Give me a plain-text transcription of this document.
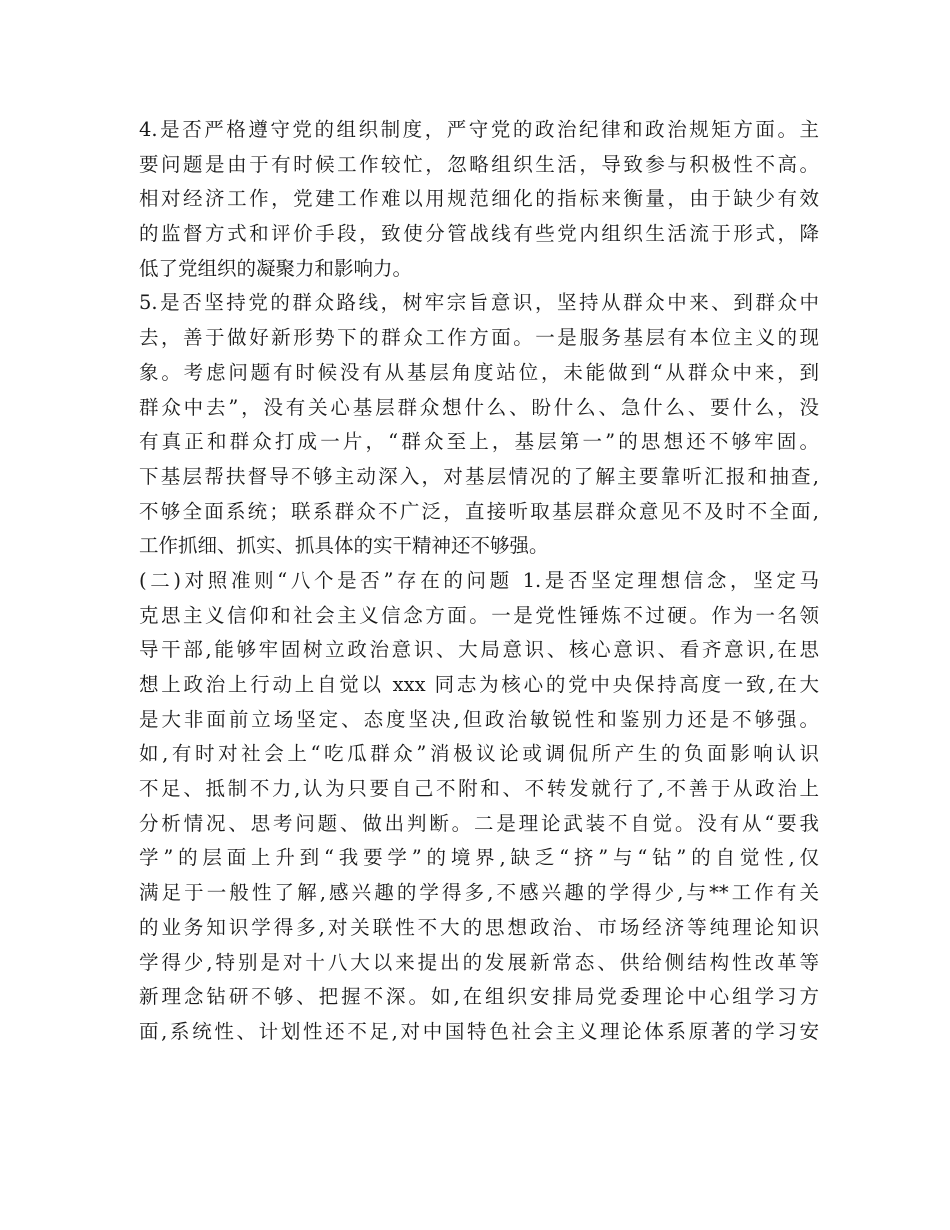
4.是否严格遵守党的组织制度，严守党的政治纪律和政治规矩方面。主
要问题是由于有时候工作较忙，忽略组织生活，导致参与积极性不高。
相对经济工作，党建工作难以用规范细化的指标来衡量，由于缺少有效
的监督方式和评价手段，致使分管战线有些党内组织生活流于形式，降
低了党组织的凝聚力和影响力。
5.是否坚持党的群众路线，树牢宗旨意识，坚持从群众中来、到群众中
去，善于做好新形势下的群众工作方面。一是服务基层有本位主义的现
象。考虑问题有时候没有从基层角度站位，未能做到“从群众中来，到
群众中去”，没有关心基层群众想什么、盼什么、急什么、要什么，没
有真正和群众打成一片，“群众至上，基层第一”的思想还不够牢固。
下基层帮扶督导不够主动深入，对基层情况的了解主要靠听汇报和抽查,
不够全面系统；联系群众不广泛，直接听取基层群众意见不及时不全面,
工作抓细、抓实、抓具体的实干精神还不够强。
(二)对照准则“八个是否”存在的问题 1.是否坚定理想信念，坚定马
克思主义信仰和社会主义信念方面。一是党性锤炼不过硬。作为一名领
导干部,能够牢固树立政治意识、大局意识、核心意识、看齐意识,在思
想上政治上行动上自觉以 xxx 同志为核心的党中央保持高度一致,在大
是大非面前立场坚定、态度坚决,但政治敏锐性和鉴别力还是不够强。
如,有时对社会上“吃瓜群众”消极议论或调侃所产生的负面影响认识
不足、抵制不力,认为只要自己不附和、不转发就行了,不善于从政治上
分析情况、思考问题、做出判断。二是理论武装不自觉。没有从“要我
学”的层面上升到“我要学”的境界,缺乏“挤”与“钻”的自觉性,仅
满足于一般性了解,感兴趣的学得多,不感兴趣的学得少,与**工作有关
的业务知识学得多,对关联性不大的思想政治、市场经济等纯理论知识
学得少,特别是对十八大以来提出的发展新常态、供给侧结构性改革等
新理念钻研不够、把握不深。如,在组织安排局党委理论中心组学习方
面,系统性、计划性还不足,对中国特色社会主义理论体系原著的学习安
